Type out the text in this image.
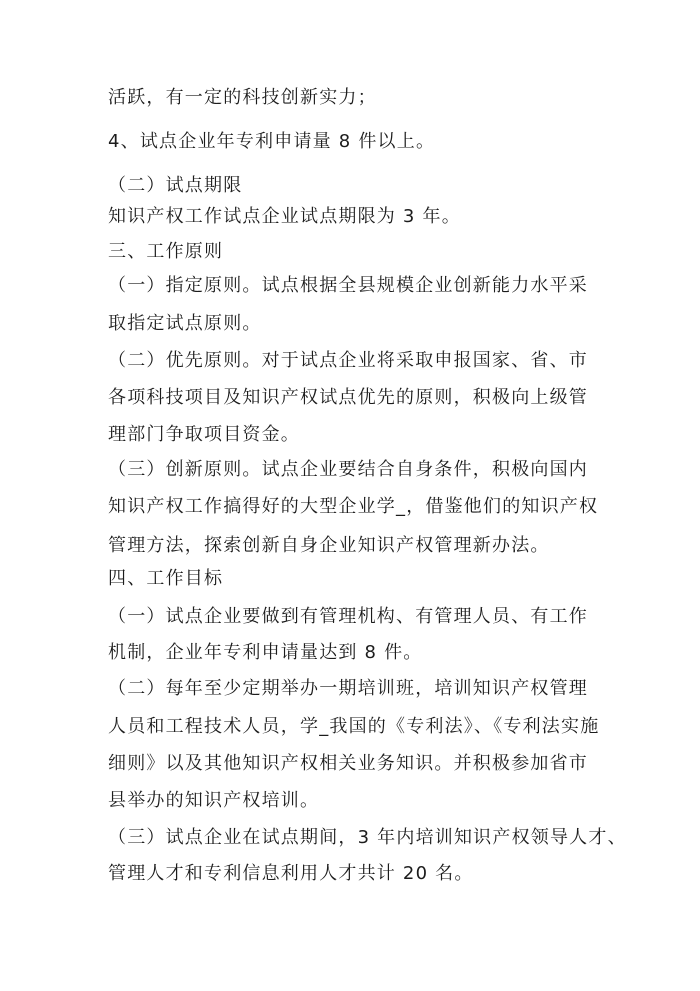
活跃，有一定的科技创新实力；
4、试点企业年专利申请量 8 件以上。
（二）试点期限
知识产权工作试点企业试点期限为 3 年。
三、工作原则
（一）指定原则。试点根据全县规模企业创新能力水平采
取指定试点原则。
（二）优先原则。对于试点企业将采取申报国家、省、市
各项科技项目及知识产权试点优先的原则，积极向上级管
理部门争取项目资金。
（三）创新原则。试点企业要结合自身条件，积极向国内
知识产权工作搞得好的大型企业学_，借鉴他们的知识产权
管理方法，探索创新自身企业知识产权管理新办法。
四、工作目标
（一）试点企业要做到有管理机构、有管理人员、有工作
机制，企业年专利申请量达到 8 件。
（二）每年至少定期举办一期培训班，培训知识产权管理
人员和工程技术人员，学_我国的《专利法》、《专利法实施
细则》以及其他知识产权相关业务知识。并积极参加省市
县举办的知识产权培训。
（三）试点企业在试点期间，3 年内培训知识产权领导人才、
管理人才和专利信息利用人才共计 20 名。
